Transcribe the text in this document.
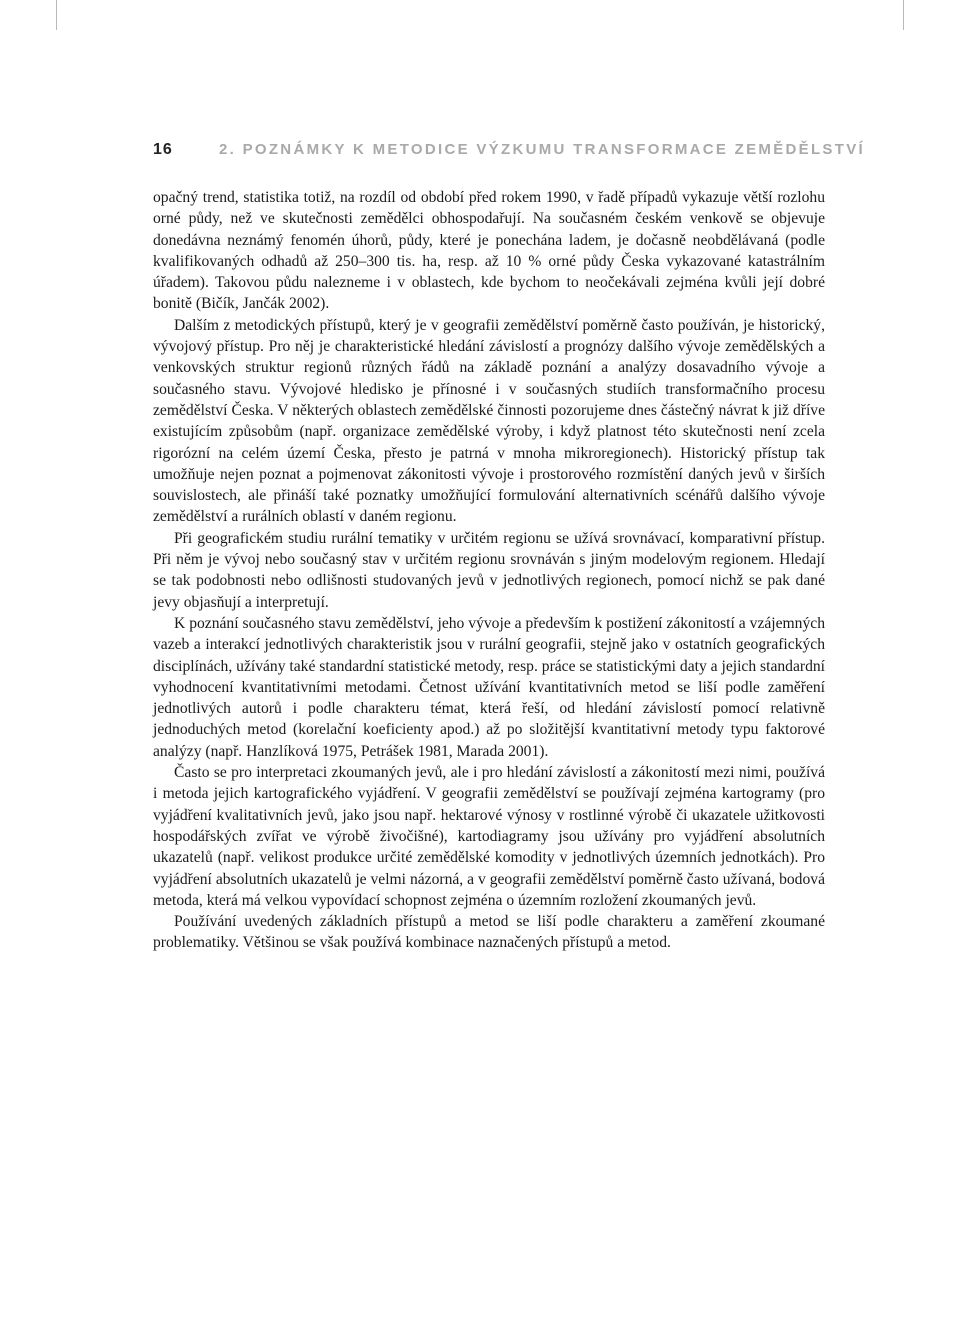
16	2. POZNÁMKY K METODICE VÝZKUMU TRANSFORMACE ZEMĚDĚLSTVÍ

opačný trend, statistika totiž, na rozdíl od období před rokem 1990, v řadě případů vykazuje větší rozlohu orné půdy, než ve skutečnosti zemědělci obhospodařují. Na současném českém venkově se objevuje donedávna neznámý fenomén úhorů, půdy, které je ponechána ladem, je dočasně neobdělávaná (podle kvalifikovaných odhadů až 250–300 tis. ha, resp. až 10 % orné půdy Česka vykazované katastrálním úřadem). Takovou půdu nalezneme i v oblastech, kde bychom to neočekávali zejména kvůli její dobré bonitě (Bičík, Jančák 2002).

Dalším z metodických přístupů, který je v geografii zemědělství poměrně často používán, je historický, vývojový přístup. Pro něj je charakteristické hledání závislostí a prognózy dalšího vývoje zemědělských a venkovských struktur regionů různých řádů na základě poznání a analýzy dosavadního vývoje a současného stavu. Vývojové hledisko je přínosné i v současných studiích transformačního procesu zemědělství Česka. V některých oblastech zemědělské činnosti pozorujeme dnes částečný návrat k již dříve existujícím způsobům (např. organizace zemědělské výroby, i když platnost této skutečnosti není zcela rigorózní na celém území Česka, přesto je patrná v mnoha mikroregionech). Historický přístup tak umožňuje nejen poznat a pojmenovat zákonitosti vývoje i prostorového rozmístění daných jevů v širších souvislostech, ale přináší také poznatky umožňující formulování alternativních scénářů dalšího vývoje zemědělství a rurálních oblastí v daném regionu.

Při geografickém studiu rurální tematiky v určitém regionu se užívá srovnávací, komparativní přístup. Při něm je vývoj nebo současný stav v určitém regionu srovnáván s jiným modelovým regionem. Hledají se tak podobnosti nebo odlišnosti studovaných jevů v jednotlivých regionech, pomocí nichž se pak dané jevy objasňují a interpretují.

K poznání současného stavu zemědělství, jeho vývoje a především k postižení zákonitostí a vzájemných vazeb a interakcí jednotlivých charakteristik jsou v rurální geografii, stejně jako v ostatních geografických disciplínách, užívány také standardní statistické metody, resp. práce se statistickými daty a jejich standardní vyhodnocení kvantitativními metodami. Četnost užívání kvantitativních metod se liší podle zaměření jednotlivých autorů i podle charakteru témat, která řeší, od hledání závislostí pomocí relativně jednoduchých metod (korelační koeficienty apod.) až po složitější kvantitativní metody typu faktorové analýzy (např. Hanzlíková 1975, Petrášek 1981, Marada 2001).

Často se pro interpretaci zkoumaných jevů, ale i pro hledání závislostí a zákonitostí mezi nimi, používá i metoda jejich kartografického vyjádření. V geografii zemědělství se používají zejména kartogramy (pro vyjádření kvalitativních jevů, jako jsou např. hektarové výnosy v rostlinné výrobě či ukazatele užitkovosti hospodářských zvířat ve výrobě živočišné), kartodiagramy jsou užívány pro vyjádření absolutních ukazatelů (např. velikost produkce určité zemědělské komodity v jednotlivých územních jednotkách). Pro vyjádření absolutních ukazatelů je velmi názorná, a v geografii zemědělství poměrně často užívaná, bodová metoda, která má velkou vypovídací schopnost zejména o územním rozložení zkoumaných jevů.

Používání uvedených základních přístupů a metod se liší podle charakteru a zaměření zkoumané problematiky. Většinou se však používá kombinace naznačených přístupů a metod.
